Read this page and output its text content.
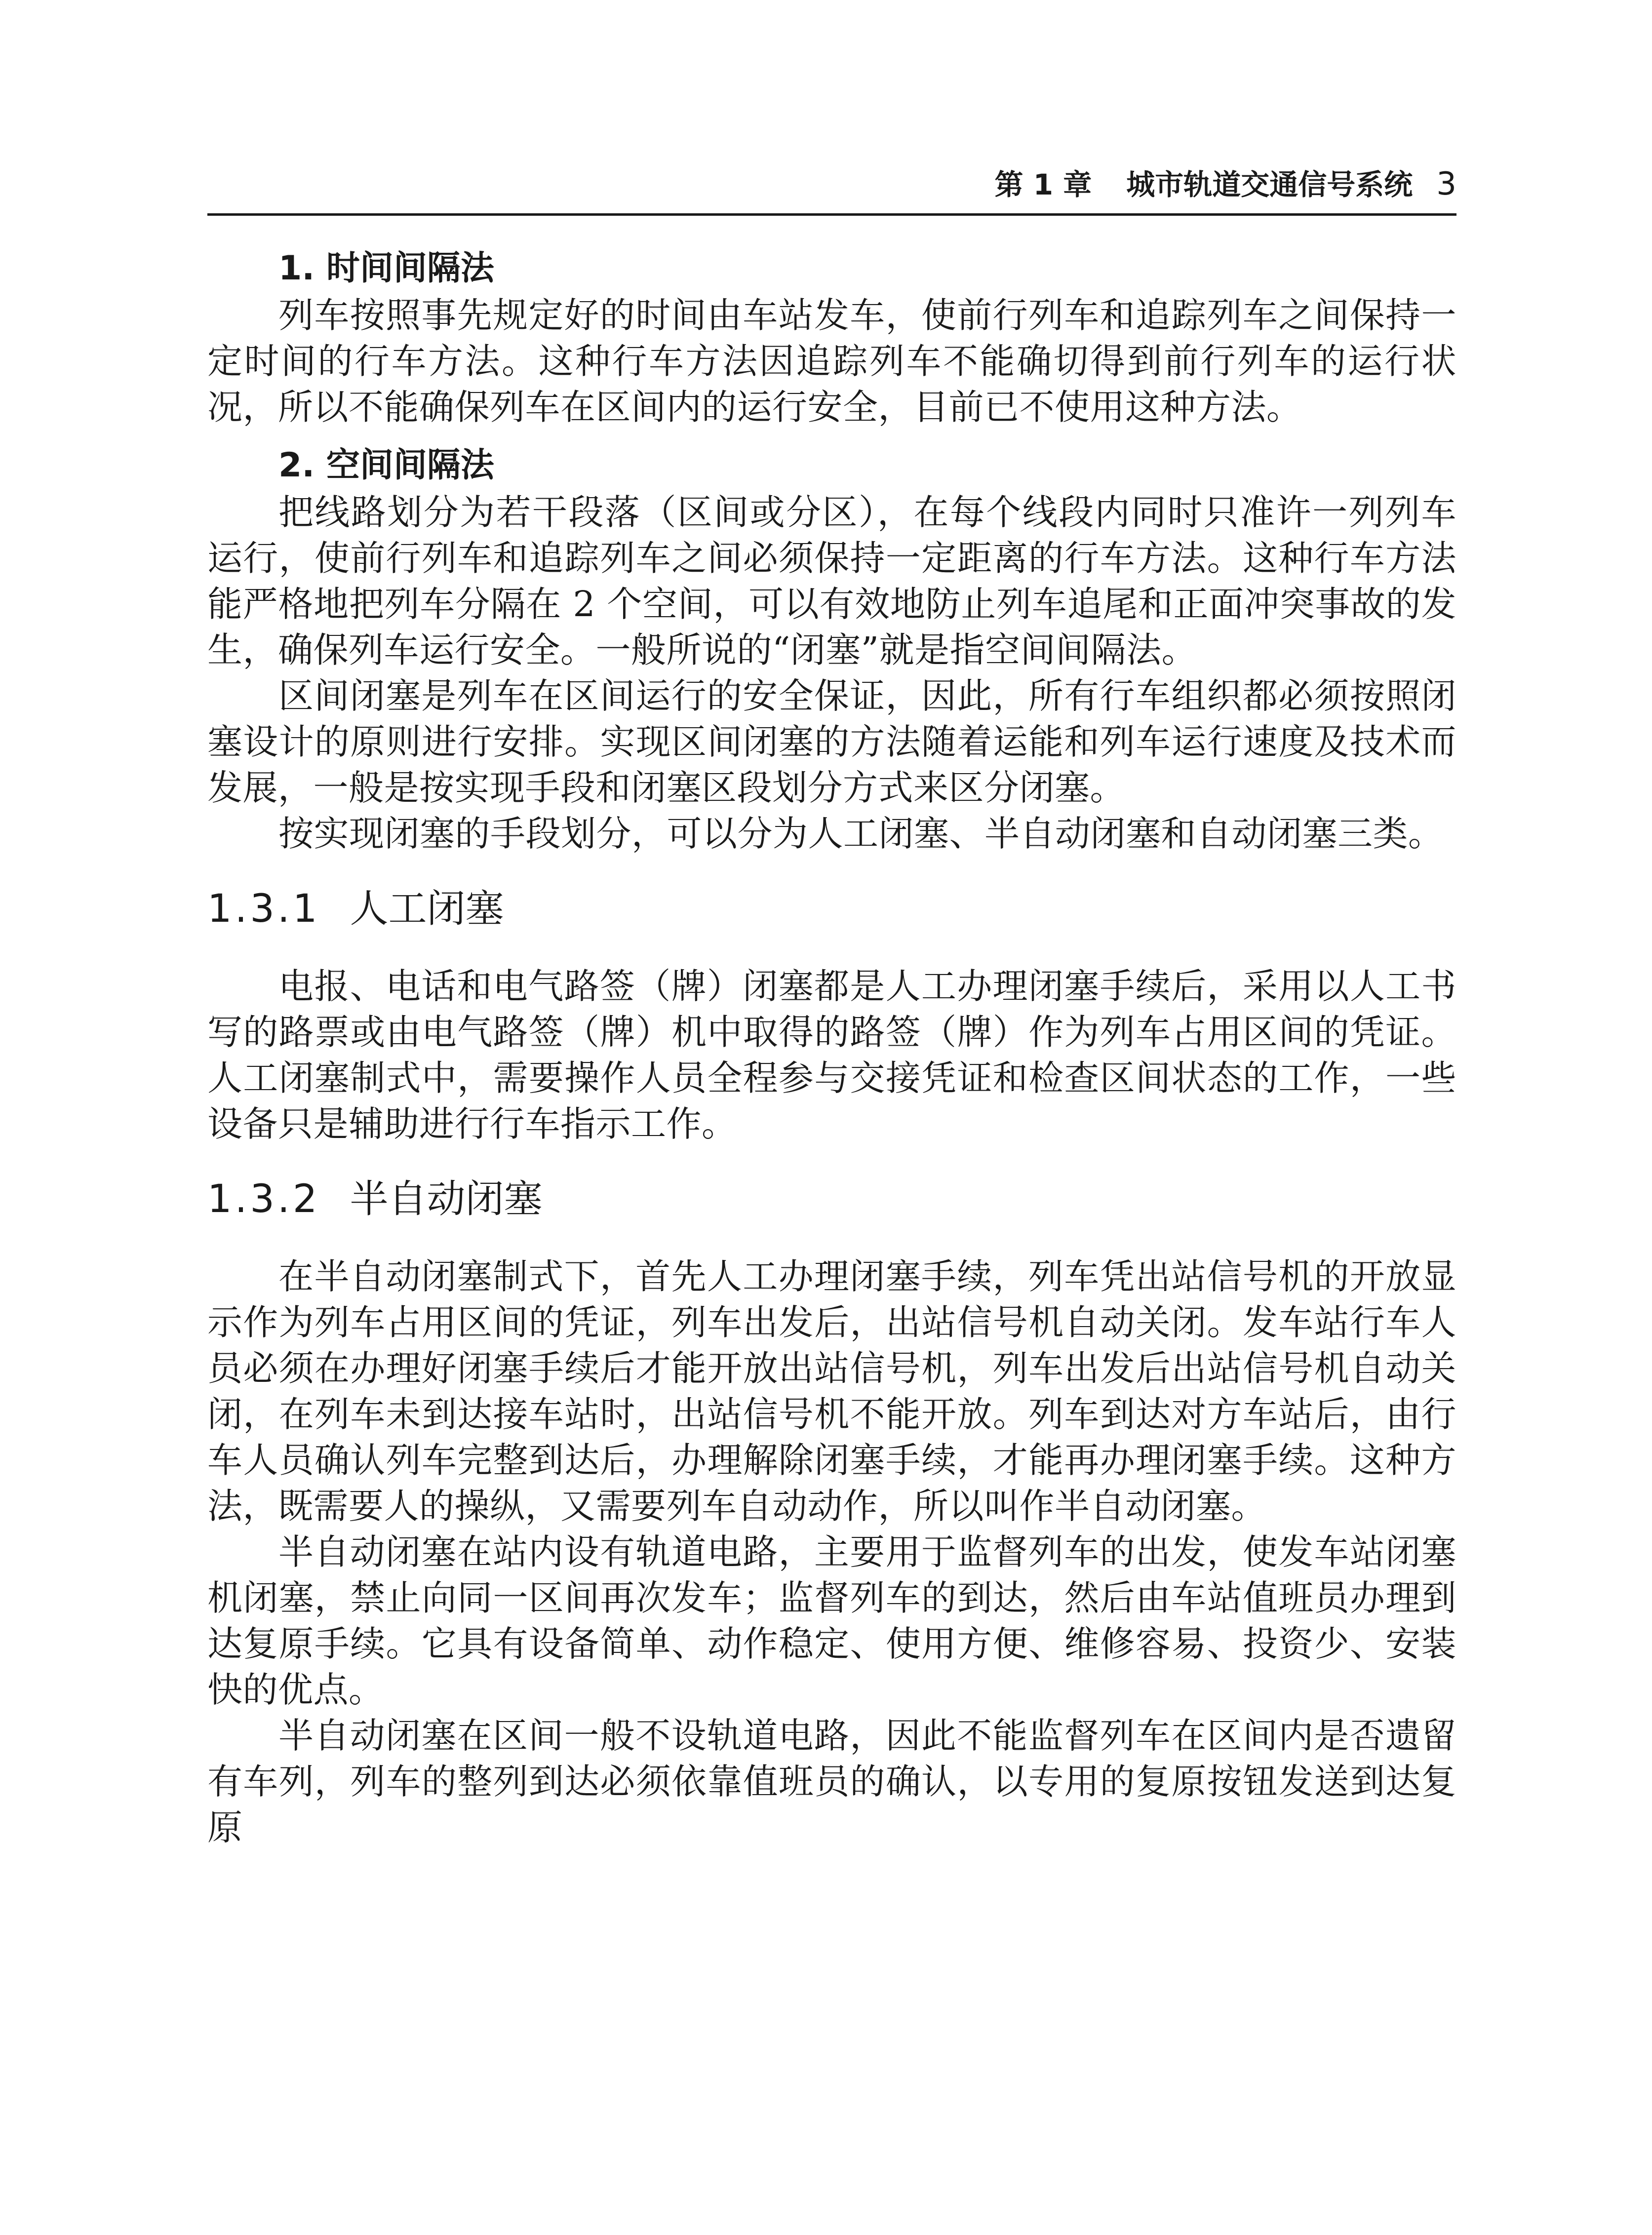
第 1 章 城市轨道交通信号系统 3
1. 时间间隔法

列车按照事先规定好的时间由车站发车，使前行列车和追踪列车之间保持一定时间的行车方法。这种行车方法因追踪列车不能确切得到前行列车的运行状况，所以不能确保列车在区间内的运行安全，目前已不使用这种方法。

2. 空间间隔法

把线路划分为若干段落（区间或分区），在每个线段内同时只准许一列列车运行，使前行列车和追踪列车之间必须保持一定距离的行车方法。这种行车方法能严格地把列车分隔在 2 个空间，可以有效地防止列车追尾和正面冲突事故的发生，确保列车运行安全。一般所说的“闭塞”就是指空间间隔法。

区间闭塞是列车在区间运行的安全保证，因此，所有行车组织都必须按照闭塞设计的原则进行安排。实现区间闭塞的方法随着运能和列车运行速度及技术而发展，一般是按实现手段和闭塞区段划分方式来区分闭塞。

按实现闭塞的手段划分，可以分为人工闭塞、半自动闭塞和自动闭塞三类。

1.3.1 人工闭塞

电报、电话和电气路签（牌）闭塞都是人工办理闭塞手续后，采用以人工书写的路票或由电气路签（牌）机中取得的路签（牌）作为列车占用区间的凭证。人工闭塞制式中，需要操作人员全程参与交接凭证和检查区间状态的工作，一些设备只是辅助进行行车指示工作。

1.3.2 半自动闭塞

在半自动闭塞制式下，首先人工办理闭塞手续，列车凭出站信号机的开放显示作为列车占用区间的凭证，列车出发后，出站信号机自动关闭。发车站行车人员必须在办理好闭塞手续后才能开放出站信号机，列车出发后出站信号机自动关闭，在列车未到达接车站时，出站信号机不能开放。列车到达对方车站后，由行车人员确认列车完整到达后，办理解除闭塞手续，才能再办理闭塞手续。这种方法，既需要人的操纵，又需要列车自动动作，所以叫作半自动闭塞。

半自动闭塞在站内设有轨道电路，主要用于监督列车的出发，使发车站闭塞机闭塞，禁止向同一区间再次发车；监督列车的到达，然后由车站值班员办理到达复原手续。它具有设备简单、动作稳定、使用方便、维修容易、投资少、安装快的优点。

半自动闭塞在区间一般不设轨道电路，因此不能监督列车在区间内是否遗留有车列，列车的整列到达必须依靠值班员的确认，以专用的复原按钮发送到达复原
